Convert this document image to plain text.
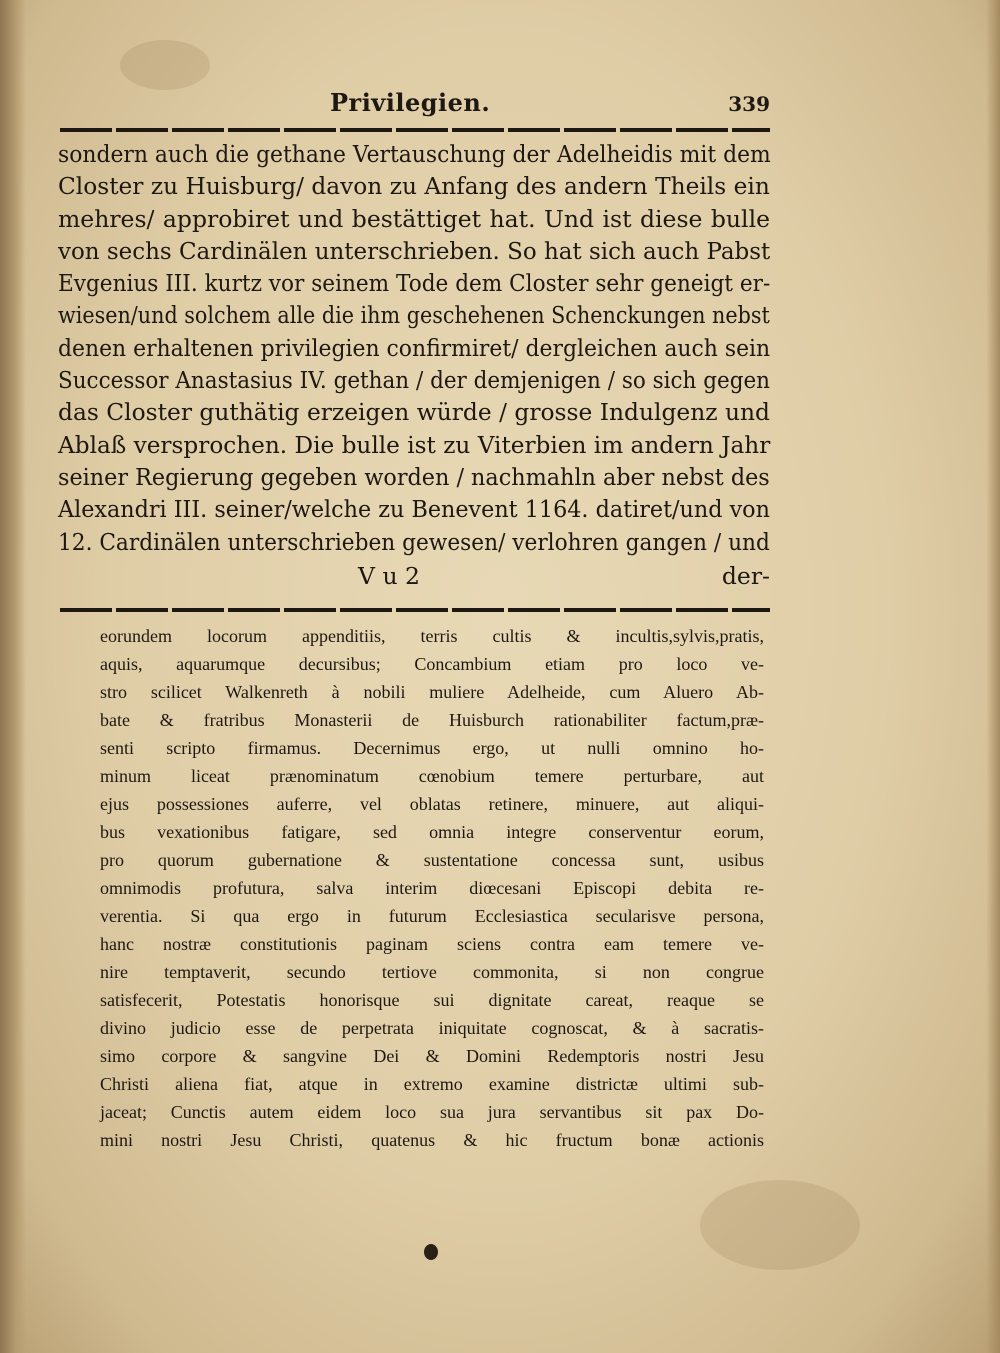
Privilegien.	339
sondern auch die gethane Vertauschung der Adelheidis mit dem
Closter zu Huisburg/ davon zu Anfang des andern Theils ein
mehres/ approbiret und bestättiget hat. Und ist diese bulle
von sechs Cardinälen unterschrieben. So hat sich auch Pabst
Evgenius III. kurtz vor seinem Tode dem Closter sehr geneigt er-
wiesen/und solchem alle die ihm geschehenen Schenckungen nebst
denen erhaltenen privilegien confirmiret/ dergleichen auch sein
Successor Anastasius IV. gethan / der demjenigen / so sich gegen
das Closter guthätig erzeigen würde / grosse Indulgenz und
Ablaß versprochen. Die bulle ist zu Viterbien im andern Jahr
seiner Regierung gegeben worden / nachmahln aber nebst des
Alexandri III. seiner/welche zu Benevent 1164. datiret/und von
12. Cardinälen unterschrieben gewesen/ verlohren gangen / und
V u 2	der-
eorundem locorum appenditiis, terris cultis & incultis,sylvis,pratis,
aquis, aquarumque decursibus; Concambium etiam pro loco ve-
stro scilicet Walkenreth à nobili muliere Adelheide, cum Aluero Ab-
bate & fratribus Monasterii de Huisburch rationabiliter factum,præ-
senti scripto firmamus. Decernimus ergo, ut nulli omnino ho-
minum liceat prænominatum cœnobium temere perturbare, aut
ejus possessiones auferre, vel oblatas retinere, minuere, aut aliqui-
bus vexationibus fatigare, sed omnia integre conserventur eorum,
pro quorum gubernatione & sustentatione concessa sunt, usibus
omnimodis profutura, salva interim diœcesani Episcopi debita re-
verentia. Si qua ergo in futurum Ecclesiastica secularisve persona,
hanc nostræ constitutionis paginam sciens contra eam temere ve-
nire temptaverit, secundo tertiove commonita, si non congrue
satisfecerit, Potestatis honorisque sui dignitate careat, reaque se
divino judicio esse de perpetrata iniquitate cognoscat, & à sacratis-
simo corpore & sangvine Dei & Domini Redemptoris nostri Jesu
Christi aliena fiat, atque in extremo examine districtæ ultimi sub-
jaceat; Cunctis autem eidem loco sua jura servantibus sit pax Do-
mini nostri Jesu Christi, quatenus & hic fructum bonæ actionis
